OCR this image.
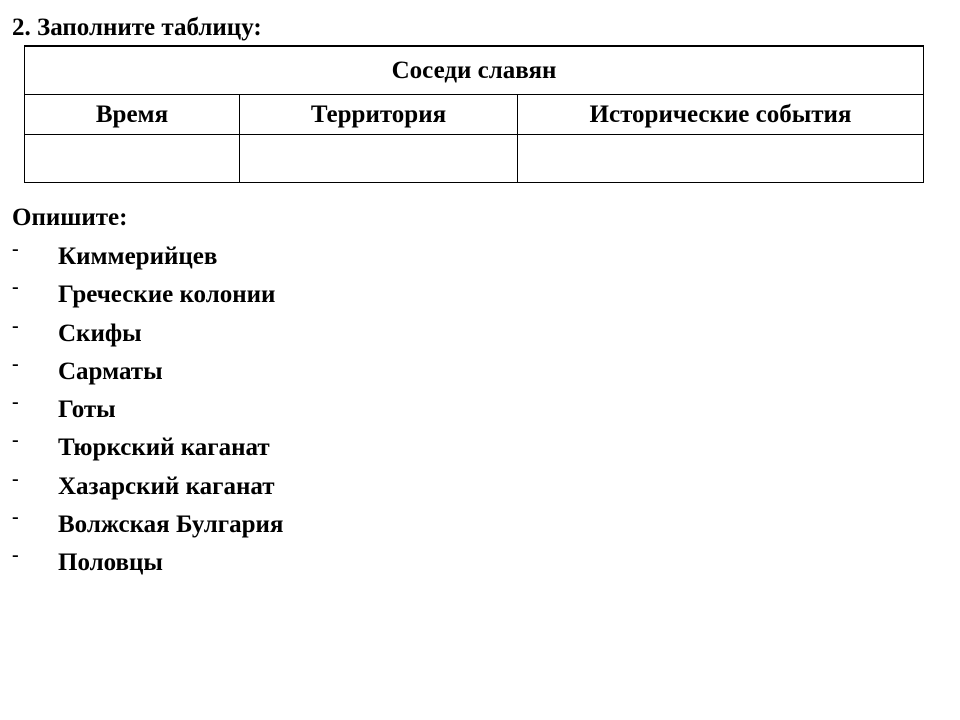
2. Заполните таблицу:
Соседи славян		
Время	Территория	Исторические события

Опишите:
- Киммерийцев
- Греческие колонии
- Скифы
- Сарматы
- Готы
- Тюркский каганат
- Хазарский каганат
- Волжская Булгария
- Половцы
